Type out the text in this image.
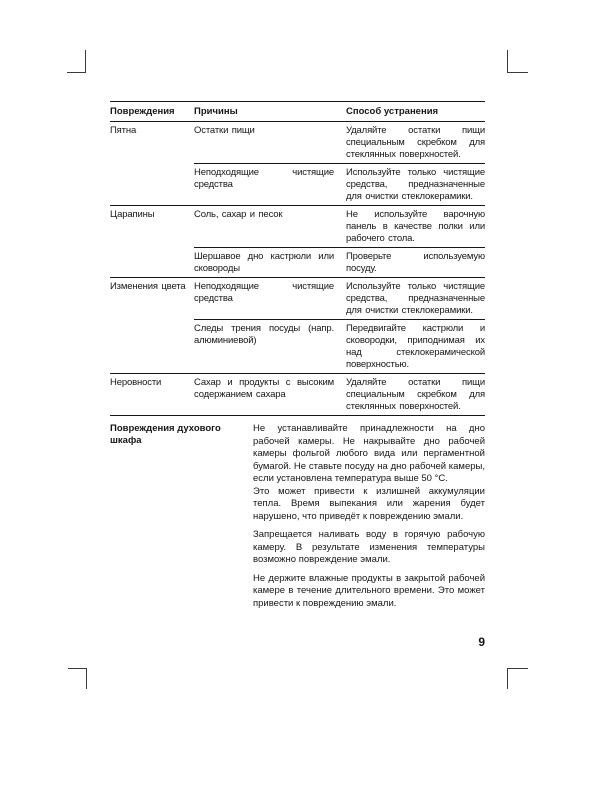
Повреждения	Причины	Способ устранения
Пятна	Остатки пищи	Удаляйте остатки пищи специальным скребком для стеклянных поверхностей.
	Неподходящие чистящие средства	Используйте только чистящие средства, предназначенные для очистки стеклокерамики.
Царапины	Соль, сахар и песок	Не используйте варочную панель в качестве полки или рабочего стола.
	Шершавое дно кастрюли или сковороды	Проверьте используемую посуду.
Изменения цвета	Неподходящие чистящие средства	Используйте только чистящие средства, предназначенные для очистки стеклокерамики.
	Следы трения посуды (напр. алюминиевой)	Передвигайте кастрюли и сковородки, приподнимая их над стеклокерамической поверхностью.
Неровности	Сахар и продукты с высоким содержанием сахара	Удаляйте остатки пищи специальным скребком для стеклянных поверхностей.
Повреждения духового шкафа

Не устанавливайте принадлежности на дно рабочей камеры. Не накрывайте дно рабочей камеры фольгой любого вида или пергаментной бумагой. Не ставьте посуду на дно рабочей камеры, если установлена температура выше 50 °C.

Это может привести к излишней аккумуляции тепла. Время выпекания или жарения будет нарушено, что приведёт к повреждению эмали.

Запрещается наливать воду в горячую рабочую камеру. В результате изменения температуры возможно повреждение эмали.

Не держите влажные продукты в закрытой рабочей камере в течение длительного времени. Это может привести к повреждению эмали.

9
